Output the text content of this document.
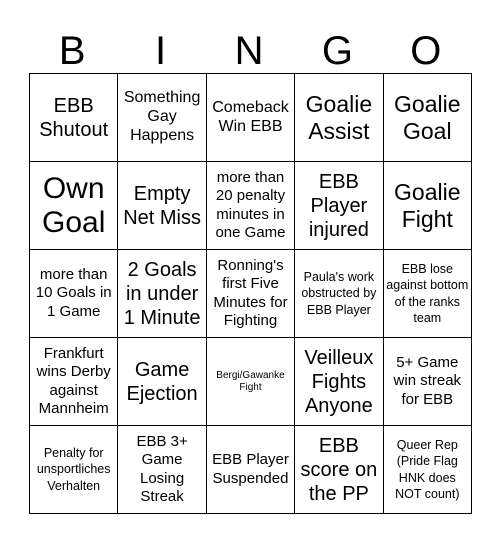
B	I	N	G	O
EBB Shutout
Something Gay Happens
Comeback Win EBB
Goalie Assist
Goalie Goal
Own Goal
Empty Net Miss
more than 20 penalty minutes in one Game
EBB Player injured
Goalie Fight
more than 10 Goals in 1 Game
2 Goals in under 1 Minute
Ronning's first Five Minutes for Fighting
Paula's work obstructed by EBB Player
EBB lose against bottom of the ranks team
Frankfurt wins Derby against Mannheim
Game Ejection
Bergi/Gawanke Fight
Veilleux Fights Anyone
5+ Game win streak for EBB
Penalty for unsportliches Verhalten
EBB 3+ Game Losing Streak
EBB Player Suspended
EBB score on the PP
Queer Rep (Pride Flag HNK does NOT count)
